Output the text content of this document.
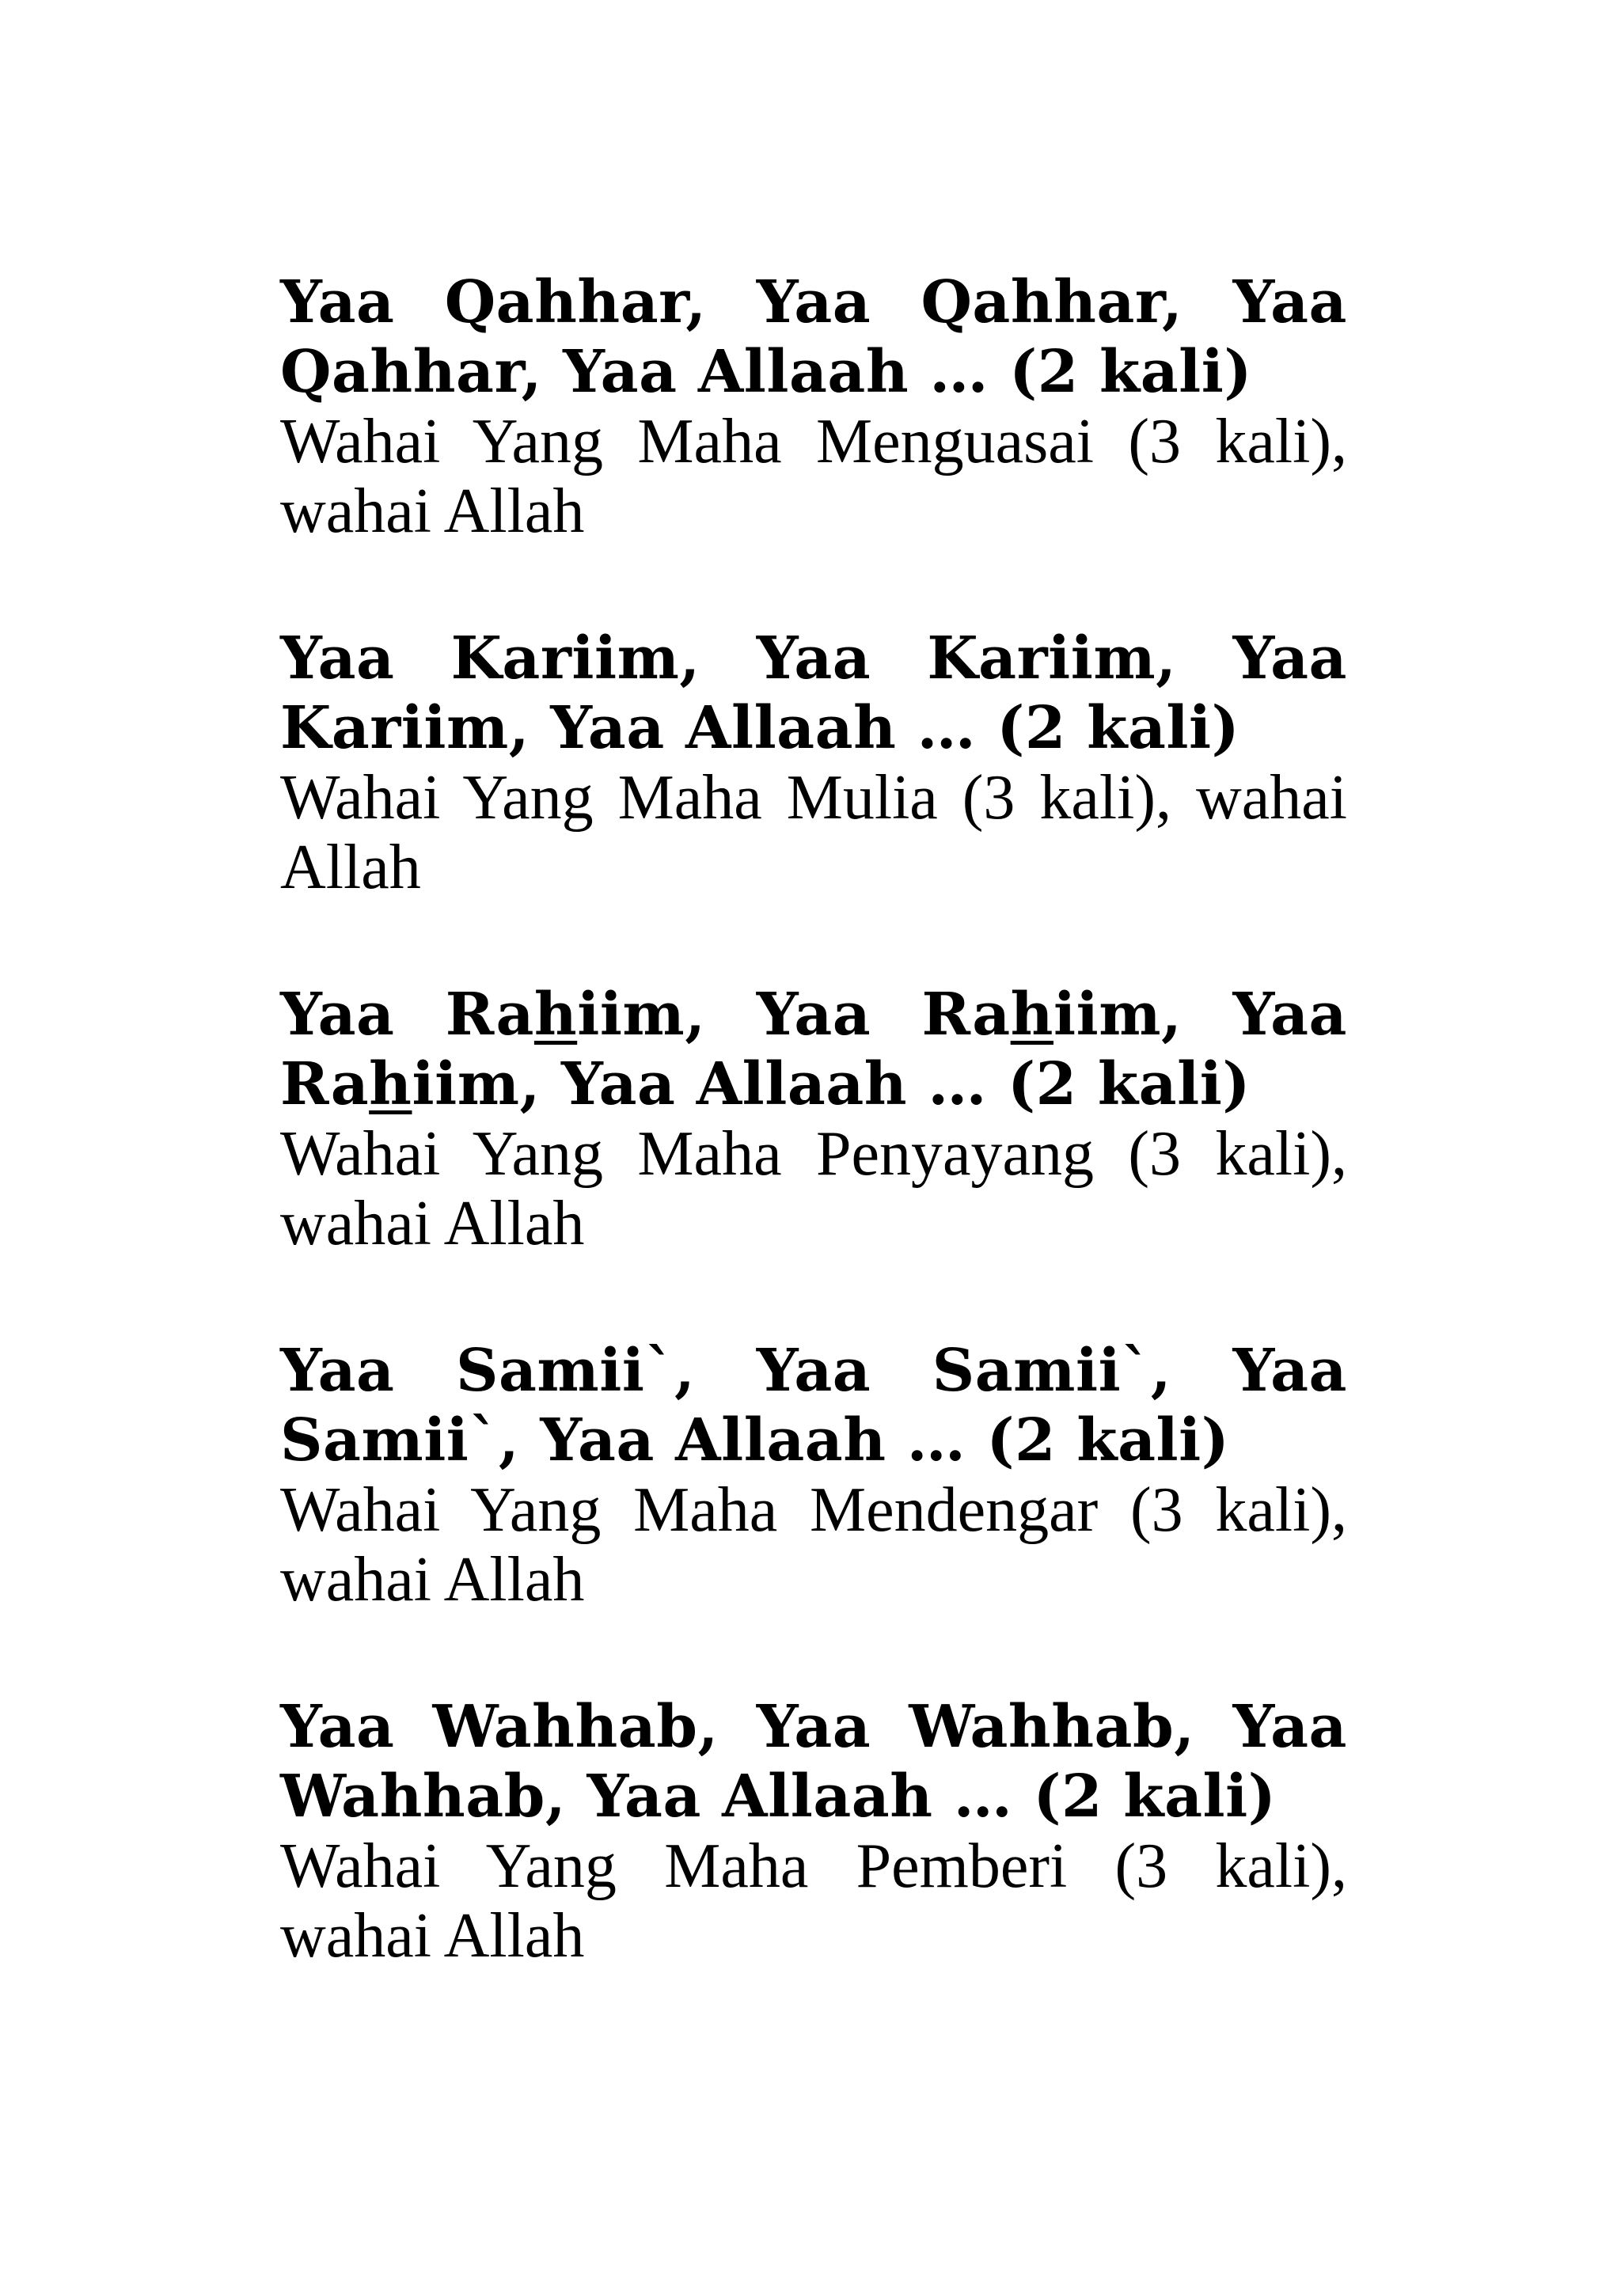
Yaa Qahhar, Yaa Qahhar, Yaa Qahhar, Yaa Allaah … (2 kali)

Wahai Yang Maha Menguasai (3 kali), wahai Allah

Yaa Kariim, Yaa Kariim, Yaa Kariim, Yaa Allaah … (2 kali)

Wahai Yang Maha Mulia (3 kali), wahai Allah

Yaa Rahiim, Yaa Rahiim, Yaa Rahiim, Yaa Allaah … (2 kali)

Wahai Yang Maha Penyayang (3 kali), wahai Allah

Yaa Samii`, Yaa Samii`, Yaa Samii`, Yaa Allaah … (2 kali)

Wahai Yang Maha Mendengar (3 kali), wahai Allah

Yaa Wahhab, Yaa Wahhab, Yaa Wahhab, Yaa Allaah … (2 kali)

Wahai Yang Maha Pemberi (3 kali), wahai Allah
